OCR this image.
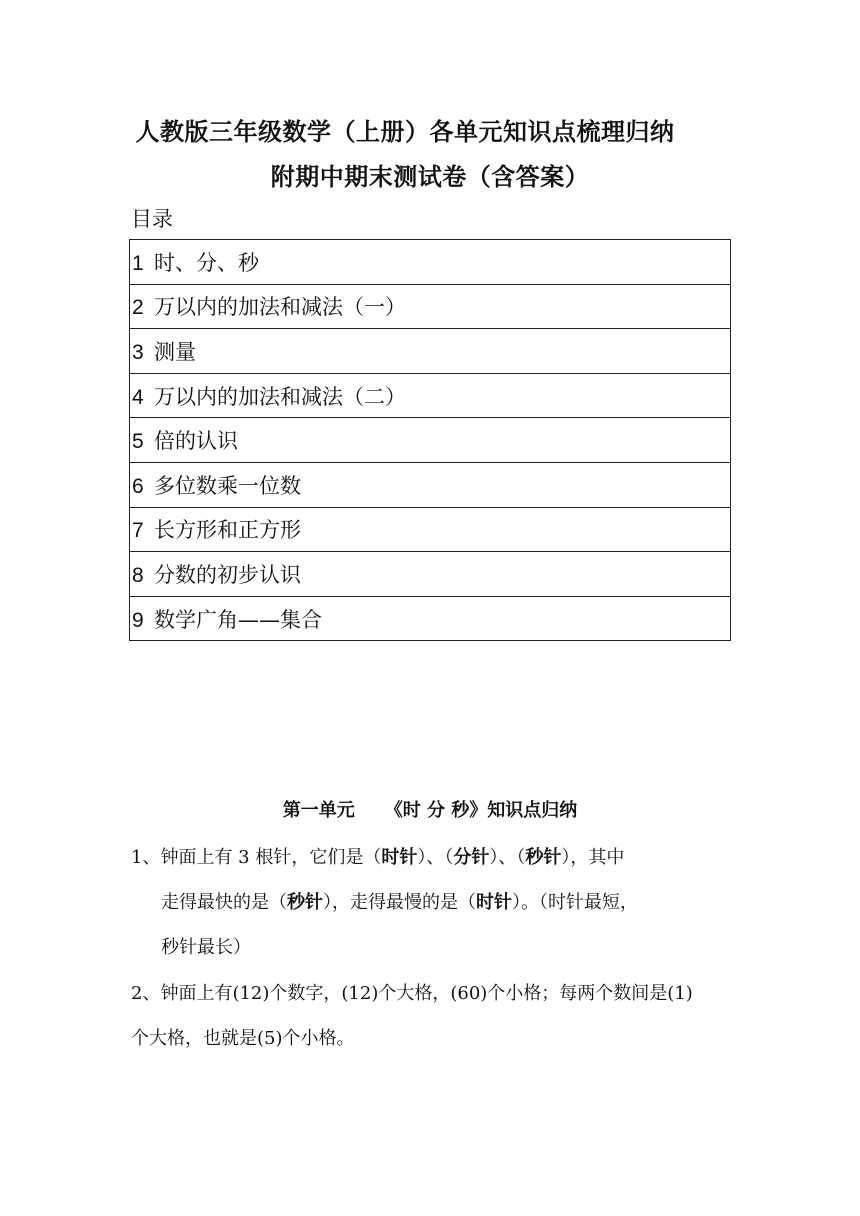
人教版三年级数学（上册）各单元知识点梳理归纳
附期中期末测试卷（含答案）
目录
1 时、分、秒
2 万以内的加法和减法（一）
3 测量
4 万以内的加法和减法（二）
5 倍的认识
6 多位数乘一位数
7 长方形和正方形
8 分数的初步认识
9 数学广角——集合
第一单元 《时 分 秒》知识点归纳
1、钟面上有 3 根针，它们是（时针）、（分针）、（秒针），其中
走得最快的是（秒针），走得最慢的是（时针）。（时针最短，
秒针最长）
2、钟面上有(12)个数字，(12)个大格，(60)个小格；每两个数间是(1)
个大格，也就是(5)个小格。
